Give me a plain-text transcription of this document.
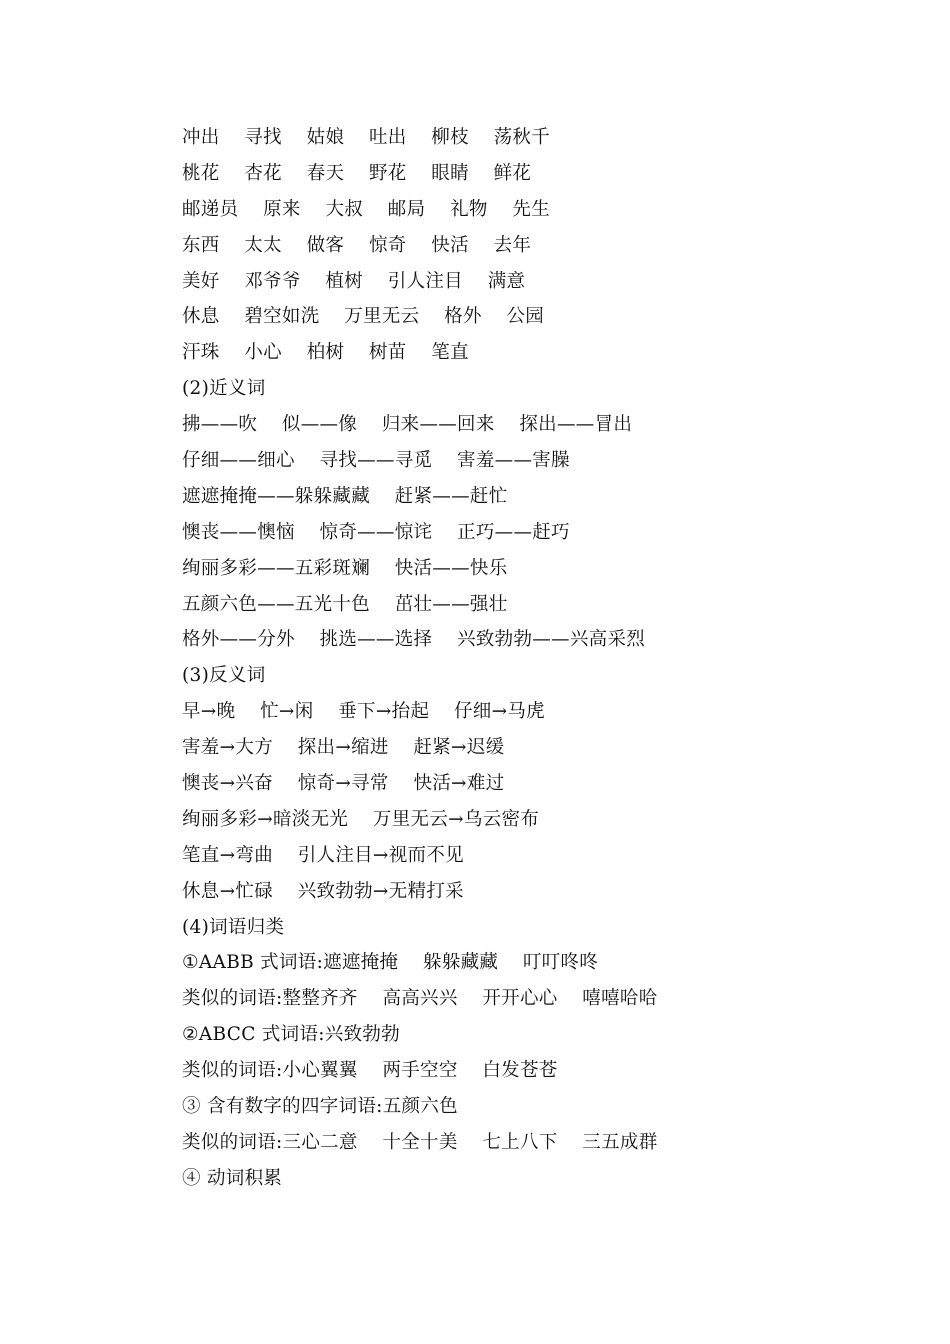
冲出    寻找    姑娘    吐出    柳枝    荡秋千
桃花    杏花    春天    野花    眼睛    鲜花
邮递员    原来    大叔    邮局    礼物    先生
东西    太太    做客    惊奇    快活    去年
美好    邓爷爷    植树    引人注目    满意
休息    碧空如洗    万里无云    格外    公园
汗珠    小心    柏树    树苗    笔直
(2)近义词
拂——吹    似——像    归来——回来    探出——冒出
仔细——细心    寻找——寻觅    害羞——害臊
遮遮掩掩——躲躲藏藏    赶紧——赶忙
懊丧——懊恼    惊奇——惊诧    正巧——赶巧
绚丽多彩——五彩斑斓    快活——快乐
五颜六色——五光十色    茁壮——强壮
格外——分外    挑选——选择    兴致勃勃——兴高采烈
(3)反义词
早→晚    忙→闲    垂下→抬起    仔细→马虎
害羞→大方    探出→缩进    赶紧→迟缓
懊丧→兴奋    惊奇→寻常    快活→难过
绚丽多彩→暗淡无光    万里无云→乌云密布
笔直→弯曲    引人注目→视而不见
休息→忙碌    兴致勃勃→无精打采
(4)词语归类
①AABB 式词语:遮遮掩掩    躲躲藏藏    叮叮咚咚
类似的词语:整整齐齐    高高兴兴    开开心心    嘻嘻哈哈
②ABCC 式词语:兴致勃勃
类似的词语:小心翼翼    两手空空    白发苍苍
③ 含有数字的四字词语:五颜六色
类似的词语:三心二意    十全十美    七上八下    三五成群
④ 动词积累
